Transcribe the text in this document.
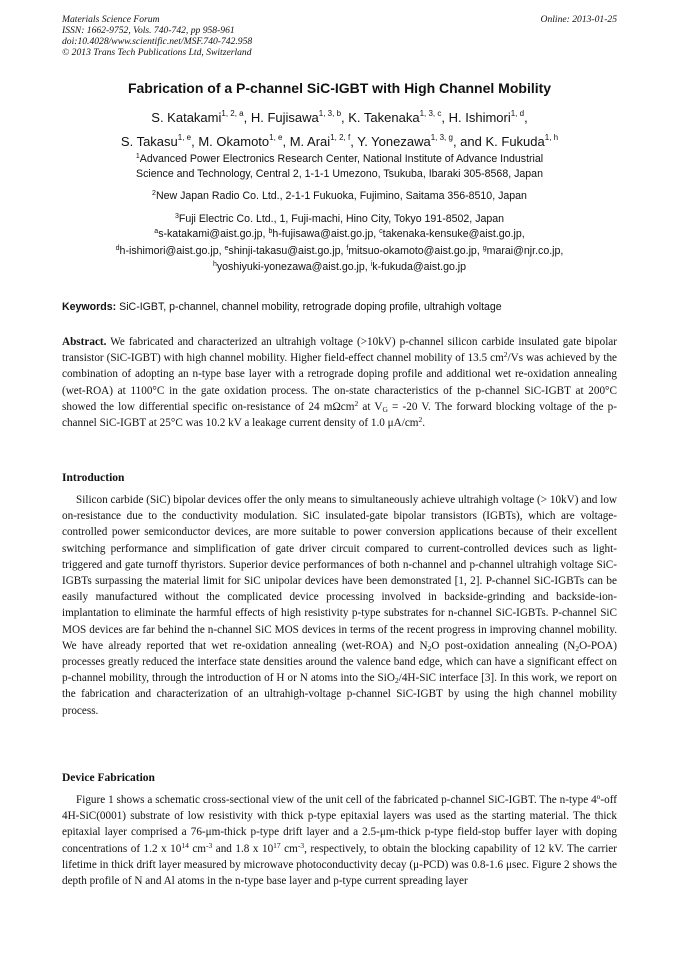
Materials Science Forum
ISSN: 1662-9752, Vols. 740-742, pp 958-961
doi:10.4028/www.scientific.net/MSF.740-742.958
© 2013 Trans Tech Publications Ltd, Switzerland
Online: 2013-01-25
Fabrication of a P-channel SiC-IGBT with High Channel Mobility
S. Katakami$^{1, 2, a}$, H. Fujisawa$^{1, 3, b}$, K. Takenaka$^{1, 3, c}$, H. Ishimori$^{1, d}$,
S. Takasu$^{1, e}$, M. Okamoto$^{1, e}$, M. Arai$^{1, 2, f}$, Y. Yonezawa$^{1, 3, g}$, and K. Fukuda$^{1, h}$
$^1$Advanced Power Electronics Research Center, National Institute of Advance Industrial
Science and Technology, Central 2, 1-1-1 Umezono, Tsukuba, Ibaraki 305-8568, Japan
$^2$New Japan Radio Co. Ltd., 2-1-1 Fukuoka, Fujimino, Saitama 356-8510, Japan
$^3$Fuji Electric Co. Ltd., 1, Fuji-machi, Hino City, Tokyo 191-8502, Japan
$^a$s-katakami@aist.go.jp, $^b$h-fujisawa@aist.go.jp, $^c$takenaka-kensuke@aist.go.jp,
$^d$h-ishimori@aist.go.jp, $^e$shinji-takasu@aist.go.jp, $^f$mitsuo-okamoto@aist.go.jp, $^g$marai@njr.co.jp,
$^h$yoshiyuki-yonezawa@aist.go.jp, $^i$k-fukuda@aist.go.jp
Keywords: SiC-IGBT, p-channel, channel mobility, retrograde doping profile, ultrahigh voltage
Abstract. We fabricated and characterized an ultrahigh voltage (>10kV) p-channel silicon carbide insulated gate bipolar transistor (SiC-IGBT) with high channel mobility. Higher field-effect channel mobility of 13.5 $cm^2/Vs$ was achieved by the combination of adopting an n-type base layer with a retrograde doping profile and additional wet re-oxidation annealing (wet-ROA) at 1100°C in the gate oxidation process. The on-state characteristics of the p-channel SiC-IGBT at 200°C showed the low differential specific on-resistance of 24 mΩcm$^2$ at $V_G = -20$ V. The forward blocking voltage of the p-channel SiC-IGBT at 25°C was 10.2 kV a leakage current density of 1.0 $\mu A/cm^2$.
Introduction
Silicon carbide (SiC) bipolar devices offer the only means to simultaneously achieve ultrahigh voltage (> 10kV) and low on-resistance due to the conductivity modulation. SiC insulated-gate bipolar transistors (IGBTs), which are voltage-controlled power semiconductor devices, are more suitable to power conversion applications because of their excellent switching performance and simplification of gate driver circuit compared to current-controlled devices such as light-triggered and gate turnoff thyristors. Superior device performances of both n-channel and p-channel ultrahigh voltage SiC-IGBTs surpassing the material limit for SiC unipolar devices have been demonstrated [1, 2]. P-channel SiC-IGBTs can be easily manufactured without the complicated device processing involved in backside-grinding and backside-ion-implantation to eliminate the harmful effects of high resistivity p-type substrates for n-channel SiC-IGBTs. P-channel SiC MOS devices are far behind the n-channel SiC MOS devices in terms of the recent progress in improving channel mobility. We have already reported that wet re-oxidation annealing (wet-ROA) and $N_2O$ post-oxidation annealing $(N_2O-POA)$ processes greatly reduced the interface state densities around the valence band edge, which can have a significant effect on p-channel mobility, through the introduction of H or N atoms into the SiO$_2$/4H-SiC interface [3]. In this work, we report on the fabrication and characterization of an ultrahigh-voltage p-channel SiC-IGBT by using the high channel mobility process.
Device Fabrication
Figure 1 shows a schematic cross-sectional view of the unit cell of the fabricated p-channel SiC-IGBT. The n-type 4$^o$-off 4H-SiC(0001) substrate of low resistivity with thick p-type epitaxial layers was used as the starting material. The thick epitaxial layer comprised a 76-μm-thick p-type drift layer and a 2.5-μm-thick p-type field-stop buffer layer with doping concentrations of 1.2 x $10^{14}$ $cm^{-3}$ and 1.8 x $10^{17}$ $cm^{-3}$, respectively, to obtain the blocking capability of 12 kV. The carrier lifetime in thick drift layer measured by microwave photoconductivity decay (μ-PCD) was 0.8-1.6 μsec. Figure 2 shows the depth profile of N and Al atoms in the n-type base layer and p-type current spreading layer
